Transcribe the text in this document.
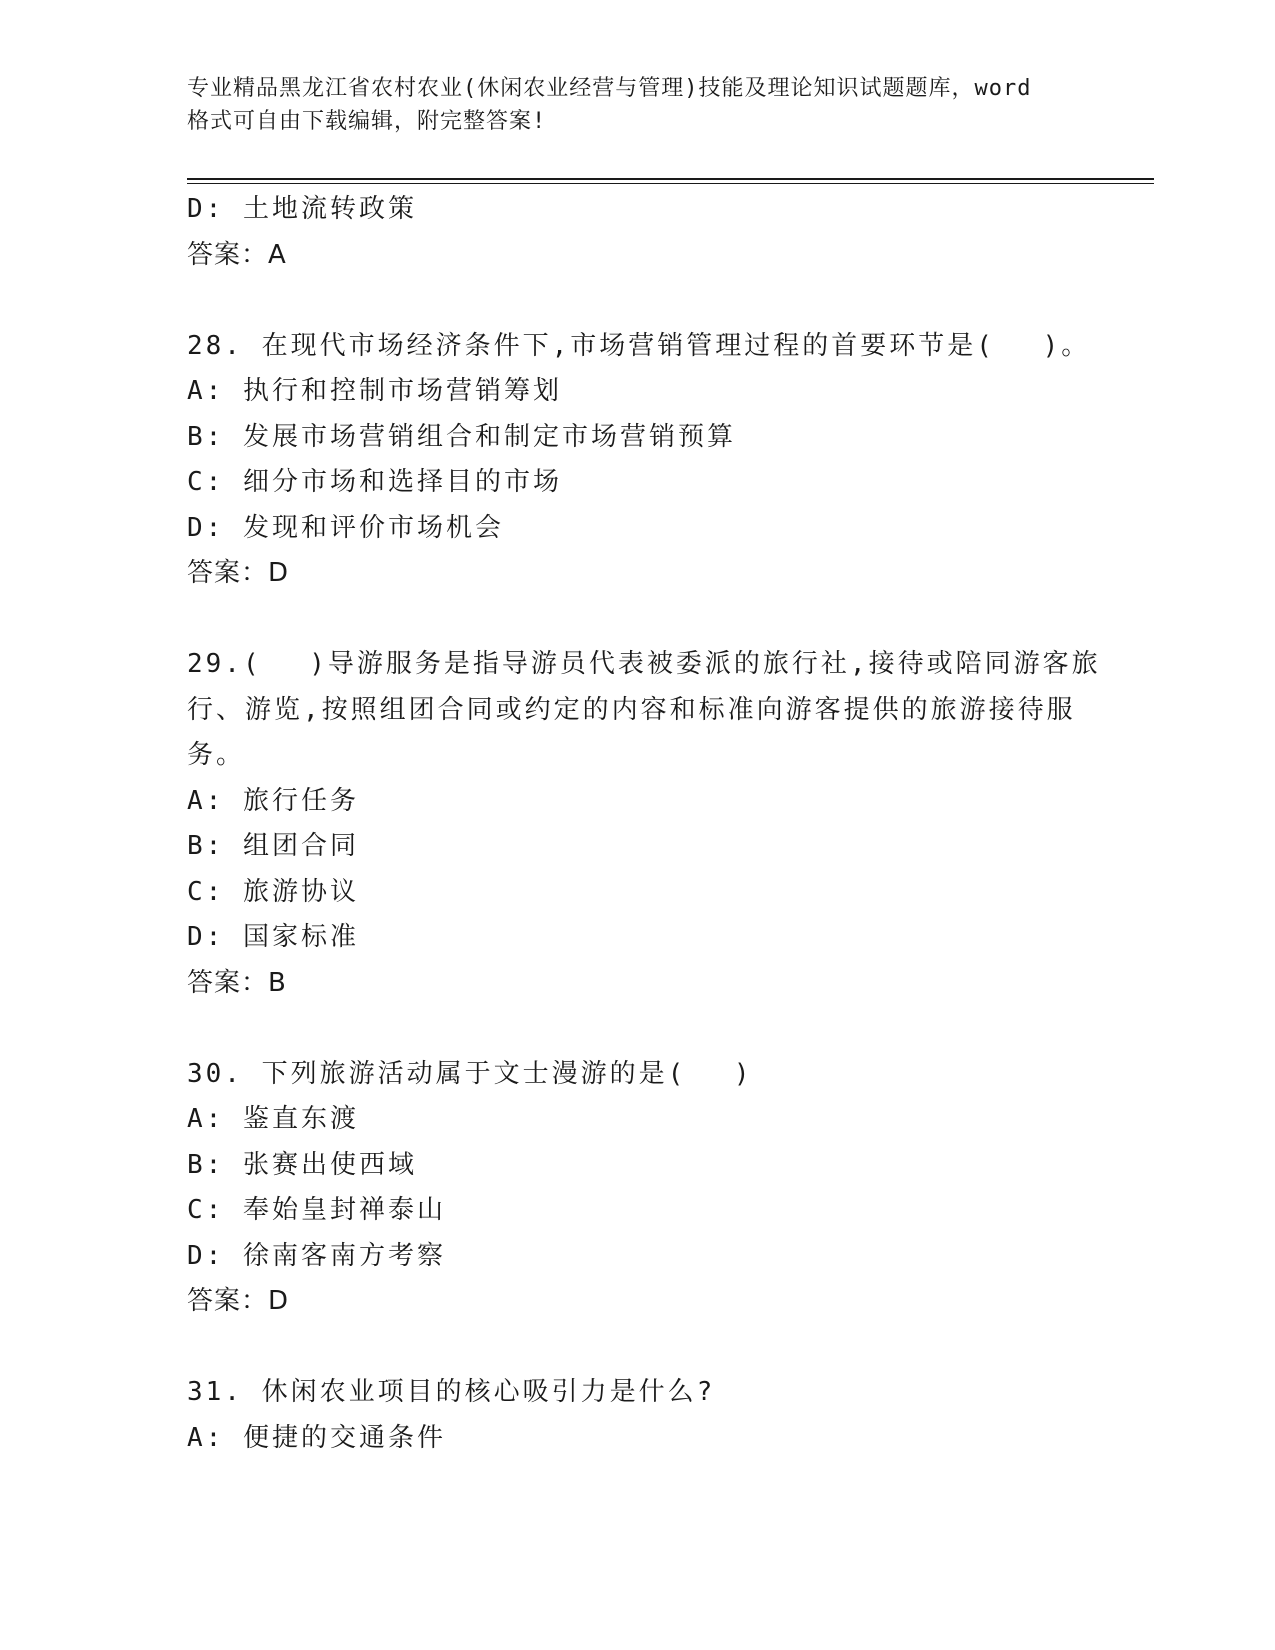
专业精品黑龙江省农村农业(休闲农业经营与管理)技能及理论知识试题题库，word
格式可自由下载编辑，附完整答案!
D: 土地流转政策
答案：A
28. 在现代市场经济条件下,市场营销管理过程的首要环节是(　 )。
A: 执行和控制市场营销筹划
B: 发展市场营销组合和制定市场营销预算
C: 细分市场和选择目的市场
D: 发现和评价市场机会
答案：D
29.(　 )导游服务是指导游员代表被委派的旅行社,接待或陪同游客旅
行、游览,按照组团合同或约定的内容和标准向游客提供的旅游接待服
务。
A: 旅行任务
B: 组团合同
C: 旅游协议
D: 国家标准
答案：B
30. 下列旅游活动属于文士漫游的是(　 )
A: 鉴直东渡
B: 张赛出使西域
C: 奉始皇封禅泰山
D: 徐南客南方考察
答案：D
31. 休闲农业项目的核心吸引力是什么?
A: 便捷的交通条件
